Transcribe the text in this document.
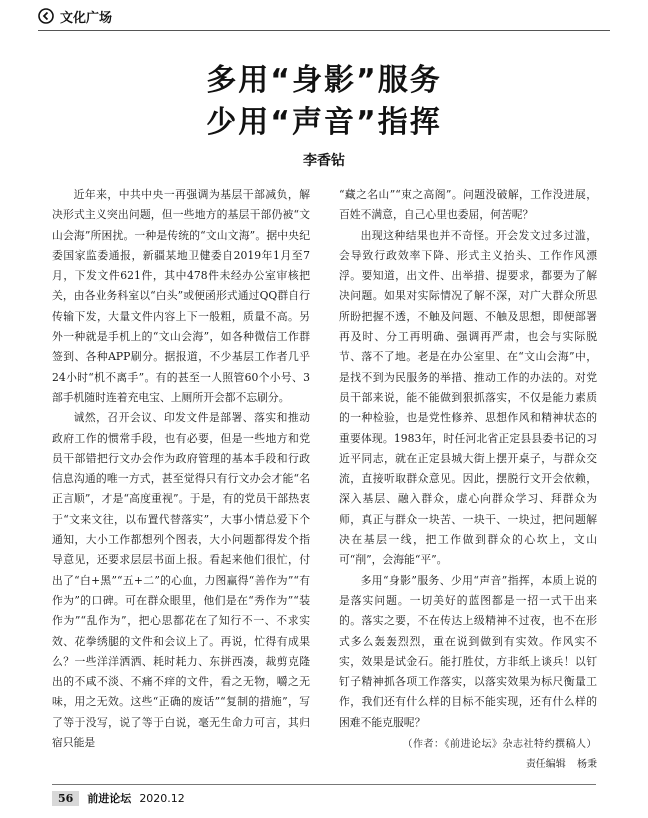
文化广场
多用“身影”服务
少用“声音”指挥
李香钻

近年来，中共中央一再强调为基层干部减负，解决形式主义突出问题，但一些地方的基层干部仍被“文山会海”所困扰。一种是传统的“文山文海”。据中央纪委国家监委通报，新疆某地卫健委自2019年1月至7月，下发文件621件，其中478件未经办公室审核把关，由各业务科室以“白头”或便函形式通过QQ群自行传输下发，大量文件内容上下一般粗，质量不高。另外一种就是手机上的“文山会海”，如各种微信工作群签到、各种APP刷分。据报道，不少基层工作者几乎24小时“机不离手”。有的甚至一人照管60个小号、3部手机随时连着充电宝、上厕所开会都不忘刷分。

诚然，召开会议、印发文件是部署、落实和推动政府工作的惯常手段，也有必要，但是一些地方和党员干部错把行文办会作为政府管理的基本手段和行政信息沟通的唯一方式，甚至觉得只有行文办会才能“名正言顺”，才是“高度重视”。于是，有的党员干部热衷于“文来文往，以布置代替落实”，大事小情总爱下个通知，大小工作都想列个图表，大小问题都得发个指导意见，还要求层层书面上报。看起来他们很忙，付出了“白+黑”“五+二”的心血，力图赢得“善作为”“有作为”的口碑。可在群众眼里，他们是在“秀作为”“装作为”“乱作为”，把心思都花在了知行不一、不求实效、花拳绣腿的文件和会议上了。再说，忙得有成果么？一些洋洋洒洒、耗时耗力、东拼西凑，裁剪克隆出的不咸不淡、不痛不痒的文件，看之无物，嚼之无味，用之无效。这些“正确的废话”“复制的措施”，写了等于没写，说了等于白说，毫无生命力可言，其归宿只能是

“藏之名山”“束之高阁”。问题没破解，工作没进展，百姓不满意，自己心里也委屈，何苦呢？

出现这种结果也并不奇怪。开会发文过多过滥，会导致行政效率下降、形式主义抬头、工作作风漂浮。要知道，出文件、出举措、提要求，都要为了解决问题。如果对实际情况了解不深，对广大群众所思所盼把握不透，不触及问题、不触及思想，即便部署再及时、分工再明确、强调再严肃，也会与实际脱节、落不了地。老是在办公室里、在“文山会海”中，是找不到为民服务的举措、推动工作的办法的。对党员干部来说，能不能做到狠抓落实，不仅是能力素质的一种检验，也是党性修养、思想作风和精神状态的重要体现。1983年，时任河北省正定县县委书记的习近平同志，就在正定县城大街上摆开桌子，与群众交流，直接听取群众意见。因此，摆脱行文开会依赖，深入基层、融入群众，虚心向群众学习、拜群众为师，真正与群众一块苦、一块干、一块过，把问题解决在基层一线，把工作做到群众的心坎上，文山可“削”，会海能“平”。

多用“身影”服务、少用“声音”指挥，本质上说的是落实问题。一切美好的蓝图都是一招一式干出来的。落实之要，不在传达上级精神不过夜，也不在形式多么轰轰烈烈，重在说到做到有实效。作风实不实，效果是试金石。能打胜仗，方非纸上谈兵！以钉钉子精神抓各项工作落实，以落实效果为标尺衡量工作，我们还有什么样的目标不能实现，还有什么样的困难不能克服呢？

（作者：《前进论坛》杂志社特约撰稿人）
责任编辑 杨秉
56	前进论坛 2020.12
